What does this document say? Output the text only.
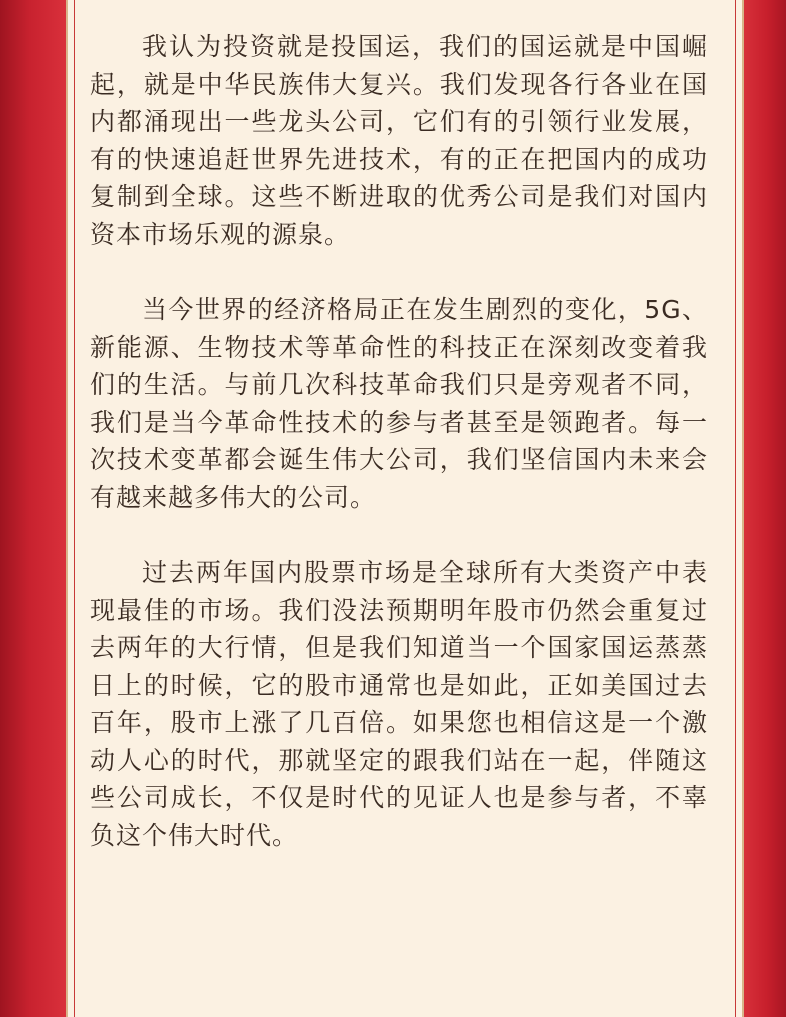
我认为投资就是投国运，我们的国运就是中国崛起，就是中华民族伟大复兴。我们发现各行各业在国内都涌现出一些龙头公司，它们有的引领行业发展，有的快速追赶世界先进技术，有的正在把国内的成功复制到全球。这些不断进取的优秀公司是我们对国内资本市场乐观的源泉。

当今世界的经济格局正在发生剧烈的变化，5G、新能源、生物技术等革命性的科技正在深刻改变着我们的生活。与前几次科技革命我们只是旁观者不同，我们是当今革命性技术的参与者甚至是领跑者。每一次技术变革都会诞生伟大公司，我们坚信国内未来会有越来越多伟大的公司。

过去两年国内股票市场是全球所有大类资产中表现最佳的市场。我们没法预期明年股市仍然会重复过去两年的大行情，但是我们知道当一个国家国运蒸蒸日上的时候，它的股市通常也是如此，正如美国过去百年，股市上涨了几百倍。如果您也相信这是一个激动人心的时代，那就坚定的跟我们站在一起，伴随这些公司成长，不仅是时代的见证人也是参与者，不辜负这个伟大时代。
